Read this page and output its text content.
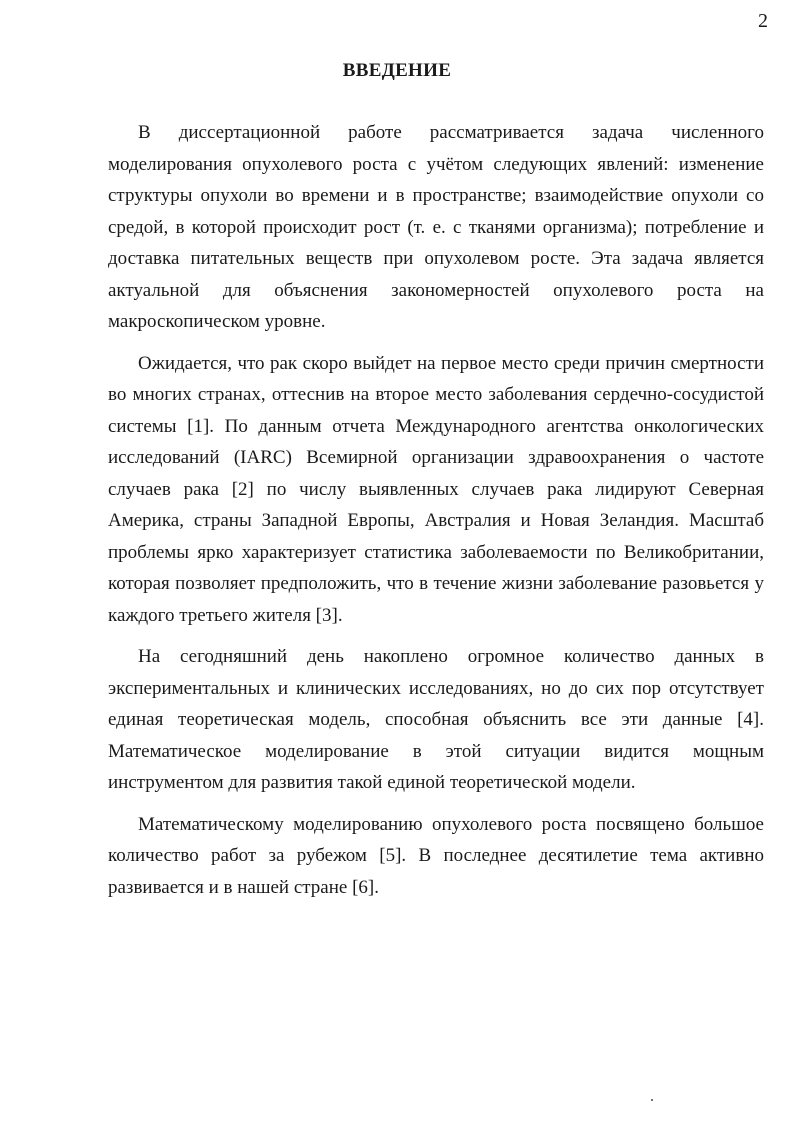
2
ВВЕДЕНИЕ

В диссертационной работе рассматривается задача численного моделирования опухолевого роста с учётом следующих явлений: изменение структуры опухоли во времени и в пространстве; взаимодействие опухоли со средой, в которой происходит рост (т. е. с тканями организма); потребление и доставка питательных веществ при опухолевом росте. Эта задача является актуальной для объяснения закономерностей опухолевого роста на макроскопическом уровне.

Ожидается, что рак скоро выйдет на первое место среди причин смертности во многих странах, оттеснив на второе место заболевания сердечно-сосудистой системы [1]. По данным отчета Международного агентства онкологических исследований (IARC) Всемирной организации здравоохранения о частоте случаев рака [2] по числу выявленных случаев рака лидируют Северная Америка, страны Западной Европы, Австралия и Новая Зеландия. Масштаб проблемы ярко характеризует статистика заболеваемости по Великобритании, которая позволяет предположить, что в течение жизни заболевание разовьется у каждого третьего жителя [3].

На сегодняшний день накоплено огромное количество данных в экспериментальных и клинических исследованиях, но до сих пор отсутствует единая теоретическая модель, способная объяснить все эти данные [4]. Математическое моделирование в этой ситуации видится мощным инструментом для развития такой единой теоретической модели.

Математическому моделированию опухолевого роста посвящено большое количество работ за рубежом [5]. В последнее десятилетие тема активно развивается и в нашей стране [6].
